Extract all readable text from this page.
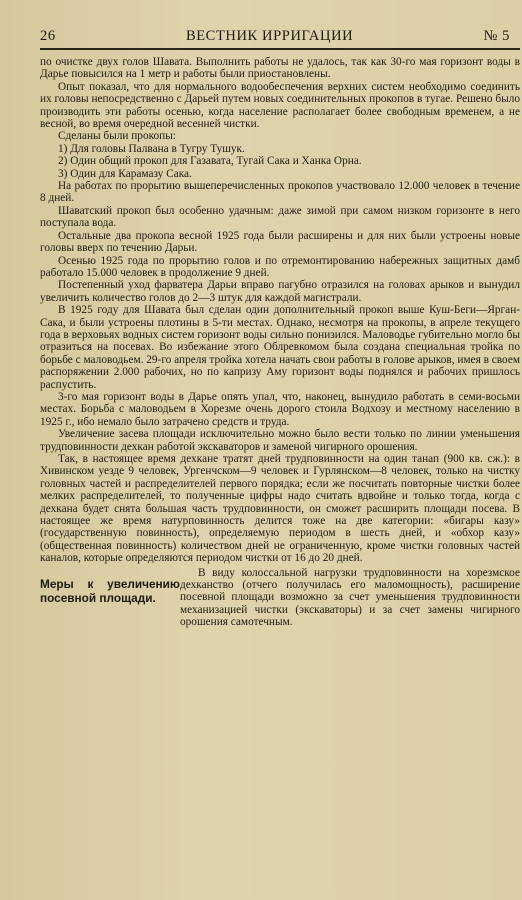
26	ВЕСТНИК ИРРИГАЦИИ	№ 5

по очистке двух голов Шавата. Выполнить работы не удалось, так как 30-го мая горизонт воды в Дарье повысился на 1 метр и работы были приостановлены.

Опыт показал, что для нормального водообеспечения верхних систем необходимо соединить их головы непосредственно с Дарьей путем новых соединительных прокопов в тугае. Решено было производить эти работы осенью, когда население располагает более свободным временем, а не весной, во время очередной весенней чистки.

Сделаны были прокопы:

1) Для головы Палвана в Тугру Тушук.

2) Один общий прокоп для Газавата, Тугай Сака и Ханка Орна.

3) Один для Карамазу Сака.

На работах по прорытию вышеперечисленных прокопов участвовало 12.000 человек в течение 8 дней.

Шаватский прокоп был особенно удачным: даже зимой при самом низком горизонте в него поступала вода.

Остальные два прокопа весной 1925 года были расширены и для них были устроены новые головы вверх по течению Дарьи.

Осенью 1925 года по прорытию голов и по отремонтированию набережных защитных дамб работало 15.000 человек в продолжение 9 дней.

Постепенный уход фарватера Дарьи вправо пагубно отразился на головах арыков и вынудил увеличить количество голов до 2—3 штук для каждой магистрали.

В 1925 году для Шавата был сделан один дополнительный прокоп выше Куш-Беги—Ярган-Сака, и были устроены плотины в 5-ти местах. Однако, несмотря на прокопы, в апреле текущего года в верховьях водных систем горизонт воды сильно понизился. Маловодье губительно могло бы отразиться на посевах. Во избежание этого Облревкомом была создана специальная тройка по борьбе с маловодьем. 29-го апреля тройка хотела начать свои работы в голове арыков, имея в своем распоряжении 2.000 рабочих, но по капризу Аму горизонт воды поднялся и рабочих пришлось распустить.

3-го мая горизонт воды в Дарье опять упал, что, наконец, вынудило работать в семи-восьми местах. Борьба с маловодьем в Хорезме очень дорого стоила Водхозу и местному населению в 1925 г., ибо немало было затрачено средств и труда.

Увеличение засева площади исключительно можно было вести только по линии уменьшения трудповинности дехкан работой экскаваторов и заменой чигирного орошения.

Так, в настоящее время дехкане тратят дней трудповинности на один танап (900 кв. сж.): в Хивинском уезде 9 человек, Ургенчском—9 человек и Гурлянском—8 человек, только на чистку головных частей и распределителей первого порядка; если же посчитать повторные чистки более мелких распределителей, то полученные цифры надо считать вдвойне и только тогда, когда с дехкана будет снята большая часть трудповинности, он сможет расширить площади посева. В настоящее же время натурповинность делится тоже на две категории: «бигары казу» (государственную повинность), определяемую периодом в шесть дней, и «обхор казу» (общественная повинность) количеством дней не ограниченную, кроме чистки головных частей каналов, которые определяются периодом чистки от 16 до 20 дней.

Меры к увеличению посевной площади.

В виду колоссальной нагрузки трудповинности на хорезмское дехканство (отчего получилась его маломощность), расширение посевной площади возможно за счет уменьшения трудповинности механизацией чистки (экскаваторы) и за счет замены чигирного орошения самотечным.
